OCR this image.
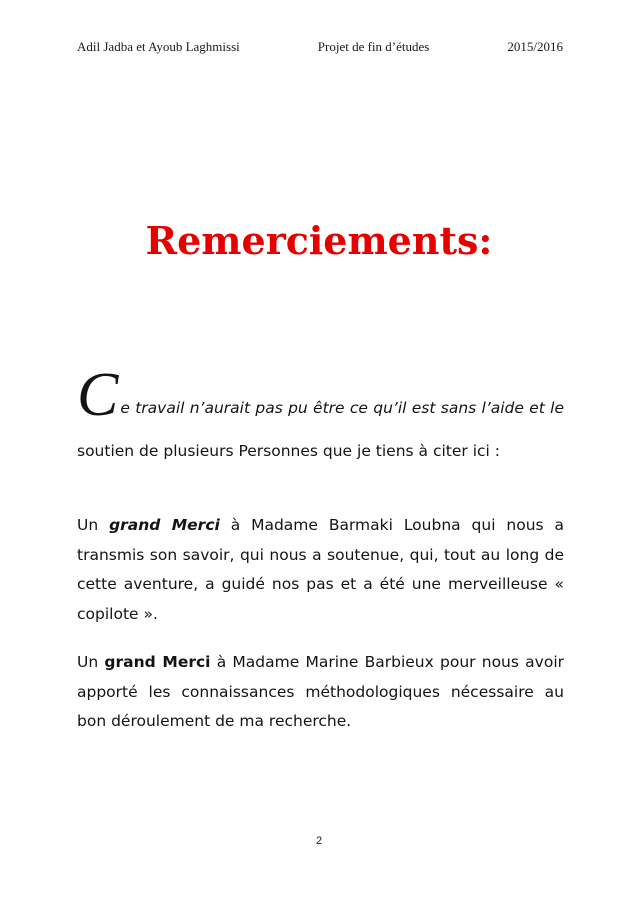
Adil Jadba et Ayoub Laghmissi	Projet de fin d’études	2015/2016
Remerciements:
Ce travail n’aurait pas pu être ce qu’il est sans l’aide et le
soutien de plusieurs Personnes que je tiens à citer ici :
Un grand Merci à Madame Barmaki Loubna qui nous a transmis son savoir, qui nous a soutenue, qui, tout au long de cette aventure, a guidé nos pas et a été une merveilleuse « copilote ».
Un grand Merci à Madame Marine Barbieux pour nous avoir apporté les connaissances méthodologiques nécessaire au bon déroulement de ma recherche.
2
